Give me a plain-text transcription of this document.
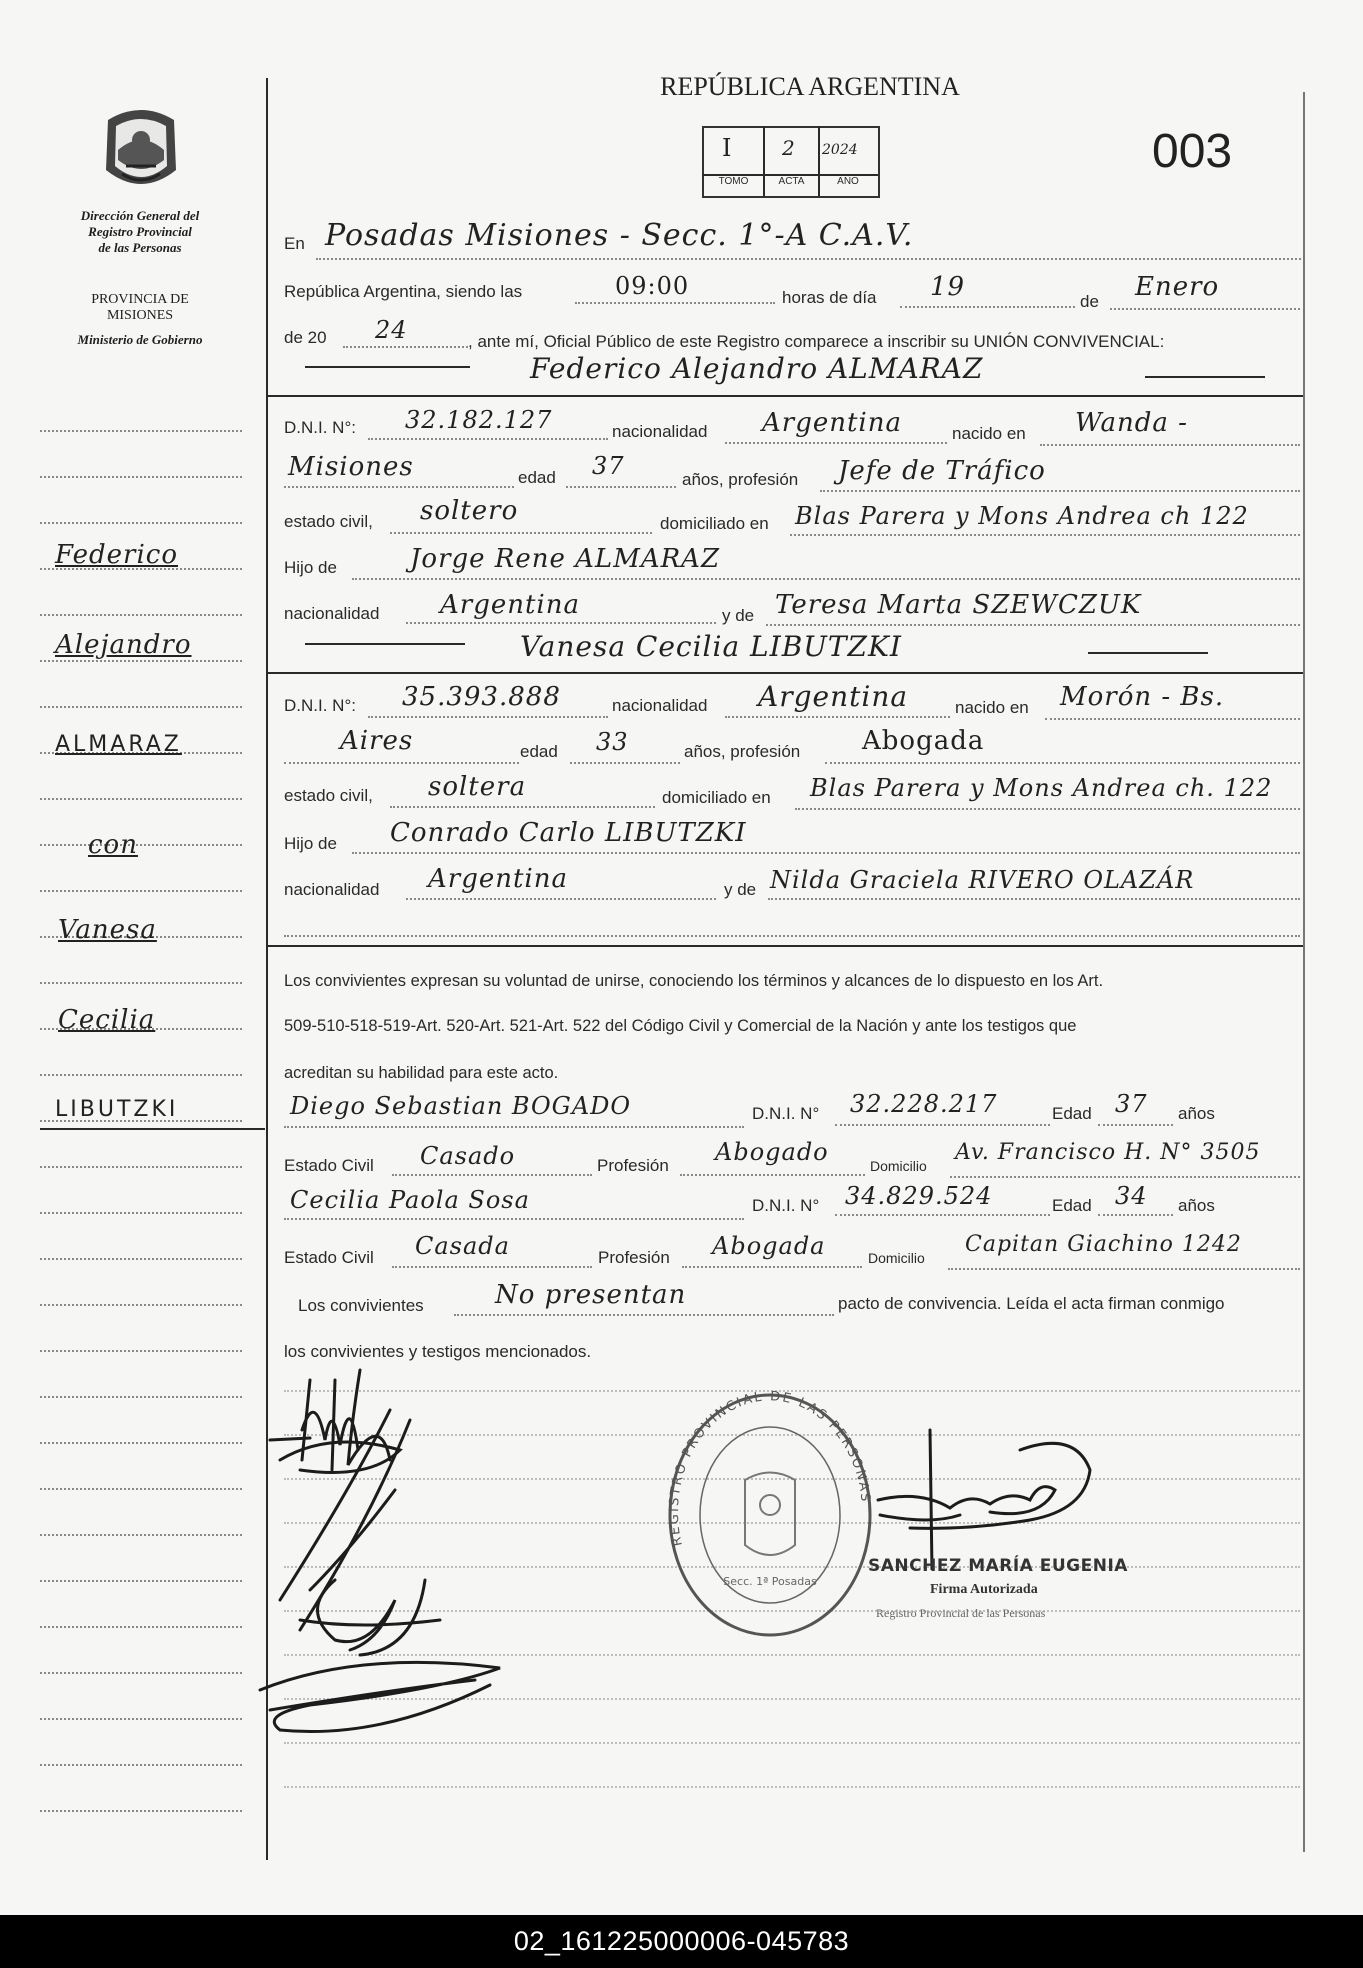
Dirección General del
Registro Provincial
de las Personas
PROVINCIA DE
MISIONES
Ministerio de Gobierno
Federico
Alejandro
ALMARAZ
con
Vanesa
Cecilia
LIBUTZKI
REPÚBLICA ARGENTINA
I 2 2024
TOMO	ACTA	AÑO
003
En Posadas Misiones - Secc. 1°-A C.A.V.
República Argentina, siendo las	09:00	horas de día 19	de Enero
de 20 24	, ante mí, Oficial Público de este Registro comparece a inscribir su UNIÓN CONVIVENCIAL:
Federico Alejandro ALMARAZ
D.N.I. N°: 32.182.127	nacionalidad Argentina	nacido en Wanda -
Misiones	edad 37	años, profesión Jefe de Tráfico
estado civil, soltero	domiciliado en Blas Parera y Mons Andrea ch 122
Hijo de	Jorge Rene ALMARAZ
nacionalidad Argentina	y de Teresa Marta SZEWCZUK
Vanesa Cecilia LIBUTZKI
D.N.I. N°: 35.393.888	nacionalidad Argentina	nacido en Morón - Bs.
Aires	edad 33	años, profesión Abogada
estado civil, soltera	domiciliado en Blas Parera y Mons Andrea ch. 122
Hijo de Conrado Carlo LIBUTZKI
nacionalidad Argentina	y de Nilda Graciela RIVERO OLAZÁR
Los convivientes expresan su voluntad de unirse, conociendo los términos y alcances de lo dispuesto en los Art.
509-510-518-519-Art. 520-Art. 521-Art. 522 del Código Civil y Comercial de la Nación y ante los testigos que
acreditan su habilidad para este acto.
Diego Sebastian BOGADO	D.N.I. N° 32.228.217	Edad 37 años
Estado Civil Casado	Profesión Abogado	Domicilio
Av. Francisco H. N° 3505
Cecilia Paola Sosa	D.N.I. N° 34.829.524	Edad 34 años
Estado Civil Casada	Profesión Abogada	Domicilio
Capitan Giachino 1242
Los convivientes	No presentan	pacto de convivencia. Leída el acta firman conmigo
los convivientes y testigos mencionados.
REGISTRO PROVINCIAL DE LAS PERSONAS
Secc. 1ª Posadas
SANCHEZ MARÍA EUGENIA
Firma Autorizada
Registro Provincial de las Personas
02_161225000006-045783
